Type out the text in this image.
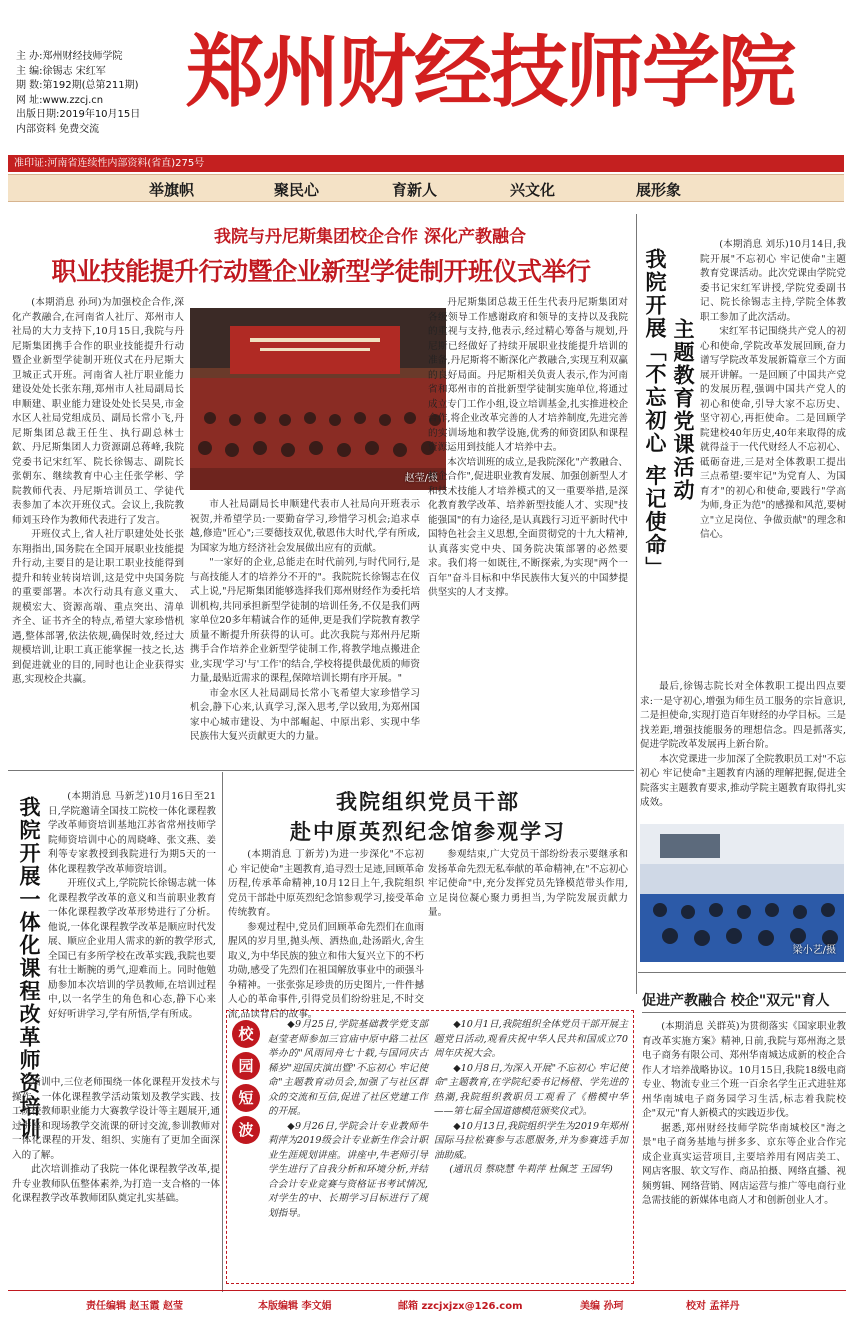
主 办:郑州财经技师学院
主 编:徐锡志 宋红军
期 数:第192期(总第211期)
网 址:www.zzcj.cn
出版日期:2019年10月15日
内部资料 免费交流
郑州财经技师学院
准印证:河南省连续性内部资料(省直)275号
举旗帜	聚民心	育新人	兴文化	展形象
我院与丹尼斯集团校企合作 深化产教融合
职业技能提升行动暨企业新型学徒制开班仪式举行

(本期消息 孙珂)为加强校企合作,深化产教融合,在河南省人社厅、郑州市人社局的大力支持下,10月15日,我院与丹尼斯集团携手合作的职业技能提升行动暨企业新型学徒制开班仪式在丹尼斯大卫城正式开班。河南省人社厅职业能力建设处处长张东翔,郑州市人社局副局长申顺建、职业能力建设处处长吴昊,市金水区人社局党组成员、副局长常小飞,丹尼斯集团总裁王任生、执行副总林士欽、丹尼斯集团人力资源副总蒋峰,我院党委书记宋红军、院长徐锡志、副院长张朝东、继续教育中心主任张学彬、学院教师代表、丹尼斯培训员工、学徒代表参加了本次开班仪式。会议上,我院教师刘玉玲作为教师代表进行了发言。

开班仪式上,省人社厅职建处处长张东翔指出,国务院在全国开展职业技能提升行动,主要目的是让职工职业技能得到提升和转业转岗培训,这是党中央国务院的重要部署。本次行动具有意义重大、规模宏大、资源高端、重点突出、清单齐全、证书齐全的特点,希望大家珍惜机遇,整体部署,依法依规,确保时效,经过大规模培训,让职工真正能掌握一技之长,达到促进就业的目的,同时也让企业获得实惠,实现校企共赢。

赵莹/摄

市人社局副局长申顺建代表市人社局向开班表示祝贺,并希望学员:一要勤奋学习,珍惜学习机会;追求卓越,修造"匠心";三要德技双优,敬恩伟大时代,学有所成,为国家为地方经济社会发展做出应有的贡献。

"一家好的企业,总能走在时代前列,与时代同行,是与高技能人才的培养分不开的"。我院院长徐锡志在仪式上说,"丹尼斯集团能够选择我们郑州财经作为委托培训机构,共同承担新型学徒制的培训任务,不仅是我们两家单位20多年精诚合作的延伸,更是我们学院教育教学质量不断提升所获得的认可。此次我院与郑州丹尼斯携手合作培养企业新型学徒制工作,将教学地点搬进企业,实现'学习'与'工作'的结合,学校将提供最优质的师资力量,最贴近需求的课程,保障培训长期有序开展。"

市金水区人社局副局长常小飞希望大家珍惜学习机会,静下心来,认真学习,深入思考,学以致用,为郑州国家中心城市建设、为中部崛起、中原出彩、实现中华民族伟大复兴贡献更大的力量。

丹尼斯集团总裁王任生代表丹尼斯集团对各级领导工作感谢政府和领导的支持以及我院的重视与支持,他表示,经过精心筹备与规划,丹尼斯已经做好了持续开展职业技能提升培训的准备,丹尼斯将不断深化产教融合,实现互利双赢的良好局面。丹尼斯相关负责人表示,作为河南省和郑州市的首批新型学徒制实施单位,将通过成立专门工作小组,设立培训基金,扎实推进校企合作,将企业改革完善的人才培养制度,先进完善的实训场地和教学设施,优秀的师资团队和课程资源运用到技能人才培养中去。

本次培训班的成立,是我院深化"产教融合、校企合作",促进职业教育发展、加强创新型人才和技术技能人才培养模式的又一重要举措,是深化教育教学改革、培养新型技能人才、实现"技能强国"的有力途径,是认真践行习近平新时代中国特色社会主义思想,全面贯彻党的十九大精神,认真落实党中央、国务院决策部署的必然要求。我们将一如既往,不断探索,为实现"两个一百年"奋斗目标和中华民族伟大复兴的中国梦提供坚实的人才支撑。

我院开展「不忘初心 牢记使命」 主题教育党课活动

(本期消息 刘乐)10月14日,我院开展"不忘初心 牢记使命"主题教育党课活动。此次党课由学院党委书记宋红军讲授,学院党委副书记、院长徐锡志主持,学院全体教职工参加了此次活动。

宋红军书记围绕共产党人的初心和使命,学院改革发展回顾,奋力谱写学院改革发展新篇章三个方面展开讲解。一是回顾了中国共产党的发展历程,强调中国共产党人的初心和使命,引导大家不忘历史、坚守初心,再拒使命。二是回顾学院建校40年历史,40年来取得的成就得益于一代代财经人不忘初心、砥砺奋进,三是对全体教职工提出三点希望:要牢记"为党育人、为国育才"的初心和使命,要践行"学高为师,身正为范"的感操和风范,要树立"立足岗位、争做贡献"的理念和信心。

最后,徐锡志院长对全体教职工提出四点要求:一是守初心,增强为师生员工服务的宗旨意识,二是担使命,实现打造百年财经的办学目标。三是找差距,增强技能服务的理想信念。四是抓落实,促进学院改革发展再上新台阶。

本次党课进一步加深了全院教职员工对"不忘初心 牢记使命"主题教育内涵的理解把握,促进全院落实主题教育要求,推动学院主题教育取得扎实成效。

梁小艺/摄
我院开展一体化课程改革师资培训	(本期消息 马新芝)10月16日至21日,学院邀请全国技工院校一体化课程教学改革师资培训基地江苏省常州技师学院师资培训中心的周晓峰、张文燕、姜利等专家教授到我院进行为期5天的一体化课程教学改革师资培训。

开班仪式上,学院院长徐锡志就一体化课程教学改革的意义和当前职业教育一体化课程教学改革形势进行了分析。他说,一体化课程教学改革是顺应时代发展、顺应企业用人需求的新的教学形式,全国已有多所学校在改革实践,我院也要有壮士断腕的勇气,迎难而上。同时他勉励参加本次培训的学员教师,在培训过程中,以一名学生的角色和心态,静下心来好好听讲学习,学有所悟,学有所成。

培训中,三位老师围绕一体化课程开发技术与操作、一体化课程教学活动策划及教学实践、技工院校教师职业能力大赛教学设计等主题展开,通过讲座和现场教学交流课的研讨交流,参训教师对一体化课程的开发、组织、实施有了更加全面深入的了解。

此次培训推动了我院一体化课程教学改革,提升专业教师队伍整体素养,为打造一支合格的一体化课程教学改革教师团队奠定扎实基础。

我院组织党员干部
赴中原英烈纪念馆参观学习

(本期消息 丁新芳)为进一步深化"不忘初心 牢记使命"主题教育,追寻烈士足迹,回顾革命历程,传承革命精神,10月12日上午,我院组织党员干部赴中原英烈纪念馆参观学习,接受革命传统教育。

参观过程中,党员们回顾革命先烈们在血雨腥风的岁月里,抛头颅、洒热血,赴汤蹈火,舍生取义,为中华民族的独立和伟大复兴立下的不朽功勋,感受了先烈们在祖国解放事业中的顽强斗争精神。一张张弥足珍贵的历史图片,一件件撼人心的革命事件,引得党员们纷纷驻足,不时交流,品读背后的故事。

参观结束,广大党员干部纷纷表示要继承和发扬革命先烈无私奉献的革命精神,在"不忘初心 牢记使命"中,充分发挥党员先锋模范带头作用,立足岗位凝心聚力勇担当,为学院发展贡献力量。

校
园
短
波

◆9月25日,学院基础教学党支部赵莹老师参加三官庙中原中路二社区举办的"风雨同舟七十载,与国同庆古稀岁"迎国庆演出暨"不忘初心 牢记使命"主题教育动员会,加强了与社区群众的交流和互信,促进了社区党建工作的开展。

◆9月26日,学院会计专业教师牛莉萍为2019级会计专业新生作会计职业生涯规划讲座。讲座中,牛老师引导学生进行了自我分析和环境分析,并结合会计专业竞赛与资格证书考试情况,对学生的中、长期学习目标进行了规划指导。

◆10月1日,我院组织全体党员干部开展主题党日活动,观看庆祝中华人民共和国成立70周年庆祝大会。

◆10月8日,为深入开展"不忘初心 牢记使命"主题教育,在学院纪委书记杨橙、学先进的热潮,我院组织教职员工观看了《楷模中华——第七届全国道德模范颁奖仪式》。

◆10月13日,我院组织学生为2019年郑州国际马拉松赛参与志愿服务,并为参赛选手加油助威。

(通讯员 蔡晓慧 牛莉萍 杜佩芝 王园华)

促进产教融合 校企"双元"育人

(本期消息 关群英)为贯彻落实《国家职业教育改革实施方案》精神,日前,我院与郑州海之景电子商务有限公司、郑州华南城达成新的校企合作人才培养战略协议。10月15日,我院18级电商专业、物流专业三个班一百余名学生正式进驻郑州华南城电子商务园学习生活,标志着我院校企"双元"育人新模式的实践迈步伐。

据悉,郑州财经技师学院华南城校区"海之景"电子商务基地与拼多多、京东等企业合作完成企业真实运营项目,主要培养用有网店美工、网店客服、软文写作、商品拍摄、网络直播、视频剪辑、网络营销、网店运营与推广等电商行业急需技能的新媒体电商人才和创新创业人才。

责任编辑 赵玉霞 赵莹	本版编辑 李文娟	邮箱 zzcjxjzx@126.com	美编 孙珂	校对 孟祥丹
